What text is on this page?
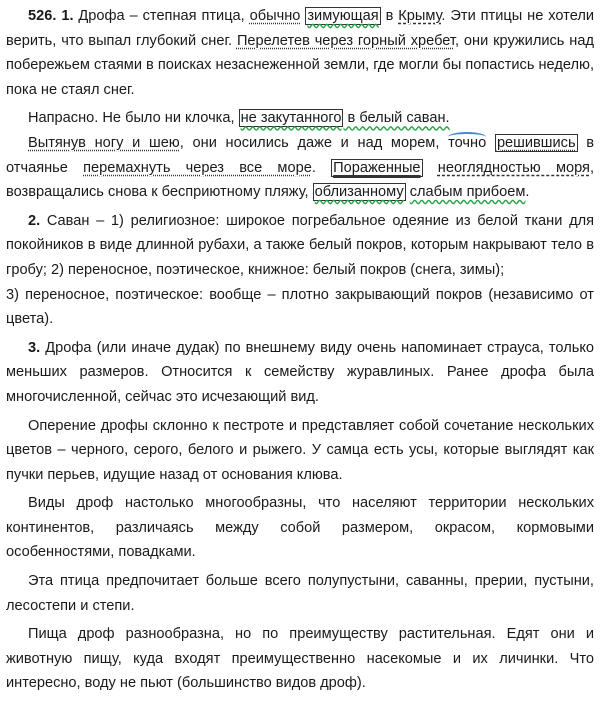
526. 1. Дрофа – степная птица, обычно зимующая в Крыму. Эти птицы не хотели верить, что выпал глубокий снег. Перелетев через горный хребет, они кружились над побережьем стаями в поисках незаснеженной земли, где могли бы попастись неделю, пока не стаял снег.

Напрасно. Не было ни клочка, не закутанного в белый саван.

Вытянув ногу и шею, они носились даже и над морем, точно решившись в отчаянье перемахнуть через все море. Пораженные неоглядностью моря, возвращались снова к бесприютному пляжу, облизанному слабым прибоем.

2. Саван – 1) религиозное: широкое погребальное одеяние из белой ткани для покойников в виде длинной рубахи, а также белый покров, которым накрывают тело в гробу; 2) переносное, поэтическое, книжное: белый покров (снега, зимы);

3) переносное, поэтическое: вообще – плотно закрывающий покров (независимо от цвета).

3. Дрофа (или иначе дудак) по внешнему виду очень напоминает страуса, только меньших размеров. Относится к семейству журавлиных. Ранее дрофа была многочисленной, сейчас это исчезающий вид.

Оперение дрофы склонно к пестроте и представляет собой сочетание нескольких цветов – черного, серого, белого и рыжего. У самца есть усы, которые выглядят как пучки перьев, идущие назад от основания клюва.

Виды дроф настолько многообразны, что населяют территории нескольких континентов, различаясь между собой размером, окрасом, кормовыми особенностями, повадками.

Эта птица предпочитает больше всего полупустыни, саванны, прерии, пустыни, лесостепи и степи.

Пища дроф разнообразна, но по преимуществу растительная. Едят они и животную пищу, куда входят преимущественно насекомые и их личинки. Что интересно, воду не пьют (большинство видов дроф).
